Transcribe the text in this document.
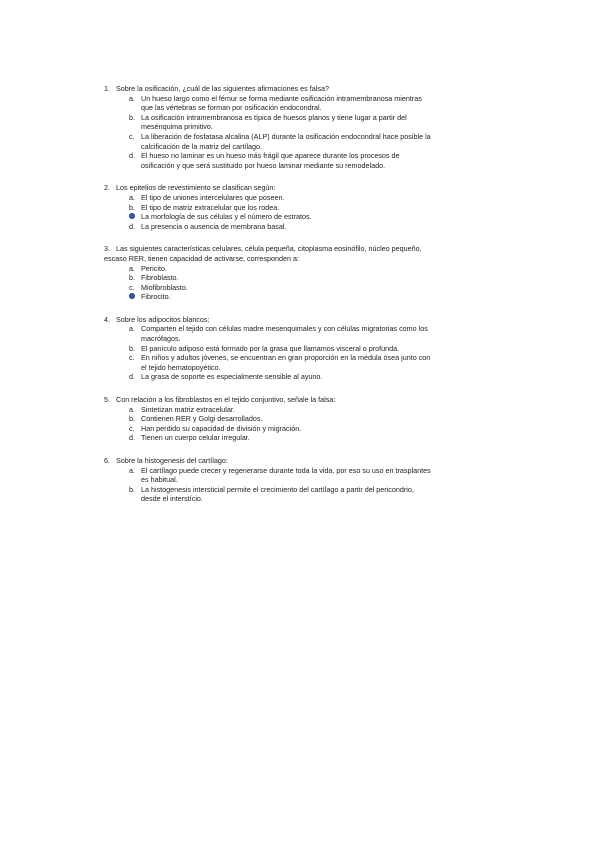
1. Sobre la osificación, ¿cuál de las siguientes afirmaciones es falsa?
a. Un hueso largo como el fémur se forma mediante osificación intramembranosa mientras que las vértebras se forman por osificación endocondral.
b. La osificación intramembranosa es típica de huesos planos y tiene lugar a partir del mesénquima primitivo.
c. La liberación de fosfatasa alcalina (ALP) durante la osificación endocondral hace posible la calcificación de la matriz del cartílago.
d. El hueso no laminar es un hueso más frágil que aparece durante los procesos de osificación y que será sustituido por hueso laminar mediante su remodelado.
2. Los epitelios de revestimiento se clasifican según:
a. El tipo de uniones intercelulares que poseen.
b. El tipo de matriz extracelular que los rodea.
La morfología de sus células y el número de estratos.
d. La presencia o ausencia de membrana basal.
3. Las siguientes características celulares, célula pequeña, citoplasma eosinófilo, núcleo pequeño, escaso RER, tienen capacidad de activarse, corresponden a:
a. Pericito.
b. Fibroblasto.
c. Miofibroblasto.
Fibrocito.
4. Sobre los adipocitos blancos:
a. Comparten el tejido con células madre mesenquimales y con células migratorias como los macrófagos.
b. El panículo adiposo está formado por la grasa que llamamos visceral o profunda.
c. En niños y adultos jóvenes, se encuentran en gran proporción en la médula ósea junto con el tejido hematopoyético.
d. La grasa de soporte es especialmente sensible al ayuno.
5. Con relación a los fibroblastos en el tejido conjuntivo, señale la falsa:
a. Sintetizan matriz extracelular.
b. Contienen RER y Golgi desarrollados.
c. Han perdido su capacidad de división y migración.
d. Tienen un cuerpo celular irregular.
6. Sobre la histogenesis del cartílago:
a. El cartílago puede crecer y regenerarse durante toda la vida, por eso su uso en trasplantes es habitual.
b. La histogenesis intersticial permite el crecimiento del cartílago a partir del pericondrio, desde el interstício.
